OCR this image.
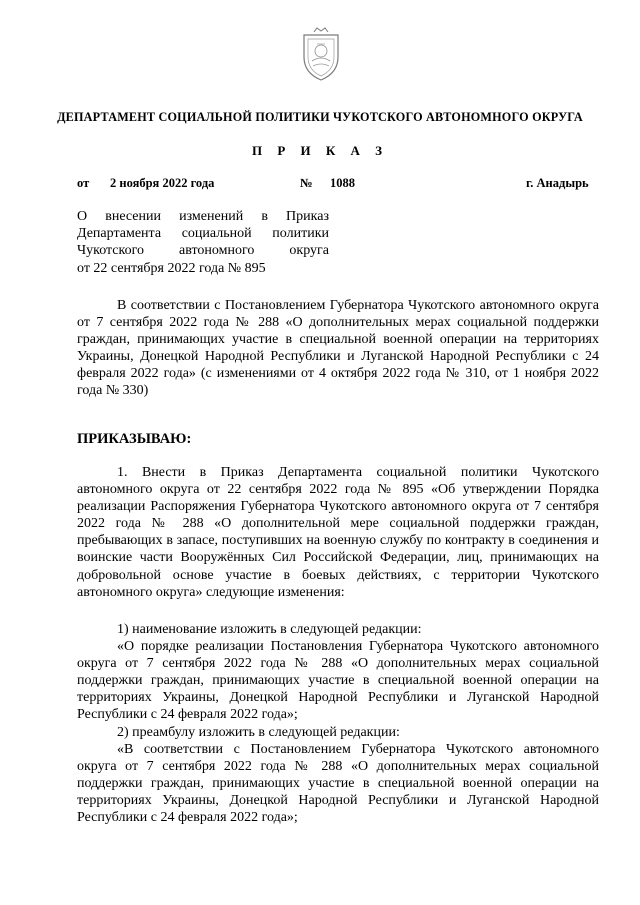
ДЕПАРТАМЕНТ СОЦИАЛЬНОЙ ПОЛИТИКИ ЧУКОТСКОГО АВТОНОМНОГО ОКРУГА
П Р И К А З
от 2 ноября 2022 года	№ 1088	г. Анадырь
О внесении изменений в Приказ Департамента социальной политики Чукотского автономного округа
от 22 сентября 2022 года № 895
В соответствии с Постановлением Губернатора Чукотского автономного округа от 7 сентября 2022 года № 288 «О дополнительных мерах социальной поддержки граждан, принимающих участие в специальной военной операции на территориях Украины, Донецкой Народной Республики и Луганской Народной Республики с 24 февраля 2022 года» (с изменениями от 4 октября 2022 года № 310, от 1 ноября 2022 года № 330)
ПРИКАЗЫВАЮ:
1. Внести в Приказ Департамента социальной политики Чукотского автономного округа от 22 сентября 2022 года № 895 «Об утверждении Порядка реализации Распоряжения Губернатора Чукотского автономного округа от 7 сентября 2022 года № 288 «О дополнительной мере социальной поддержки граждан, пребывающих в запасе, поступивших на военную службу по контракту в соединения и воинские части Вооружённых Сил Российской Федерации, лиц, принимающих на добровольной основе участие в боевых действиях, с территории Чукотского автономного округа» следующие изменения:
1) наименование изложить в следующей редакции:
«О порядке реализации Постановления Губернатора Чукотского автономного округа от 7 сентября 2022 года № 288 «О дополнительных мерах социальной поддержки граждан, принимающих участие в специальной военной операции на территориях Украины, Донецкой Народной Республики и Луганской Народной Республики с 24 февраля 2022 года»;
2) преамбулу изложить в следующей редакции:
«В соответствии с Постановлением Губернатора Чукотского автономного округа от 7 сентября 2022 года № 288 «О дополнительных мерах социальной поддержки граждан, принимающих участие в специальной военной операции на территориях Украины, Донецкой Народной Республики и Луганской Народной Республики с 24 февраля 2022 года»;
